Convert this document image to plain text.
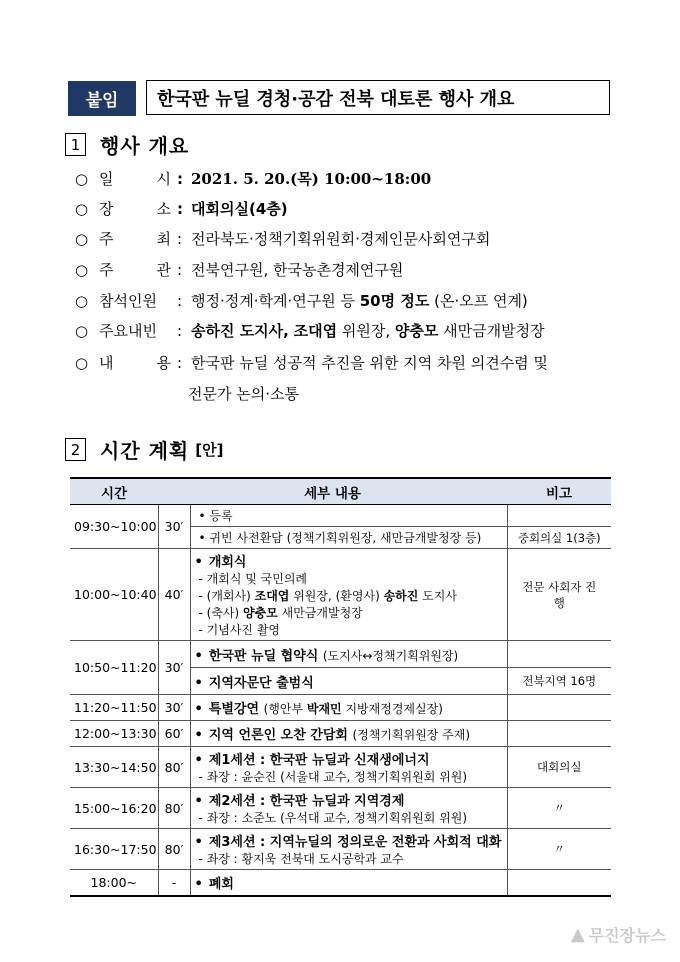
붙임	한국판 뉴딜 경청·공감 전북 대토론 행사 개요
1 행사 개요
○ 일	시 : 2021. 5. 20.(목) 10:00~18:00
○ 장	소 : 대회의실(4층)
○ 주	최 : 전라북도·정책기획위원회·경제인문사회연구회
○ 주	관 : 전북연구원, 한국농촌경제연구원
○ 참석인원 : 행정·정계·학계·연구원 등 50명 정도 (온·오프 연계)
○ 주요내빈 : 송하진 도지사, 조대엽 위원장, 양충모 새만금개발청장
○ 내	용 : 한국판 뉴딜 성공적 추진을 위한 지역 차원 의견수렴 및
전문가 논의·소통
2 시간 계획 [안]
시간	세부 내용		비고
09:30~10:00	30′	• 등록	
		• 귀빈 사전환담 (정책기획위원장, 새만금개발청장 등)	중회의실 1(3층)
10:00~10:40	40′	• 개회식
- 개회식 및 국민의례
- (개회사) 조대엽 위원장, (환영사) 송하진 도지사
- (축사) 양충모 새만금개발청장
- 기념사진 촬영	전문 사회자 진행
10:50~11:20	30′	• 한국판 뉴딜 협약식 (도지사↔정책기획위원장)	
		• 지역자문단 출범식	전북지역 16명
11:20~11:50	30′	• 특별강연 (행안부 박재민 지방재정경제실장)	
12:00~13:30	60′	• 지역 언론인 오찬 간담회 (정책기획위원장 주재)	
13:30~14:50	80′	• 제1세션 : 한국판 뉴딜과 신재생에너지
- 좌장 : 윤순진 (서울대 교수, 정책기획위원회 위원)	대회의실
15:00~16:20	80′	• 제2세션 : 한국판 뉴딜과 지역경제
- 좌장 : 소준노 (우석대 교수, 정책기획위원회 위원)	〃
16:30~17:50	80′	• 제3세션 : 지역뉴딜의 정의로운 전환과 사회적 대화
- 좌장 : 황지욱 전북대 도시공학과 교수	〃
18:00~	-	• 폐회	
▲ 무진장뉴스
